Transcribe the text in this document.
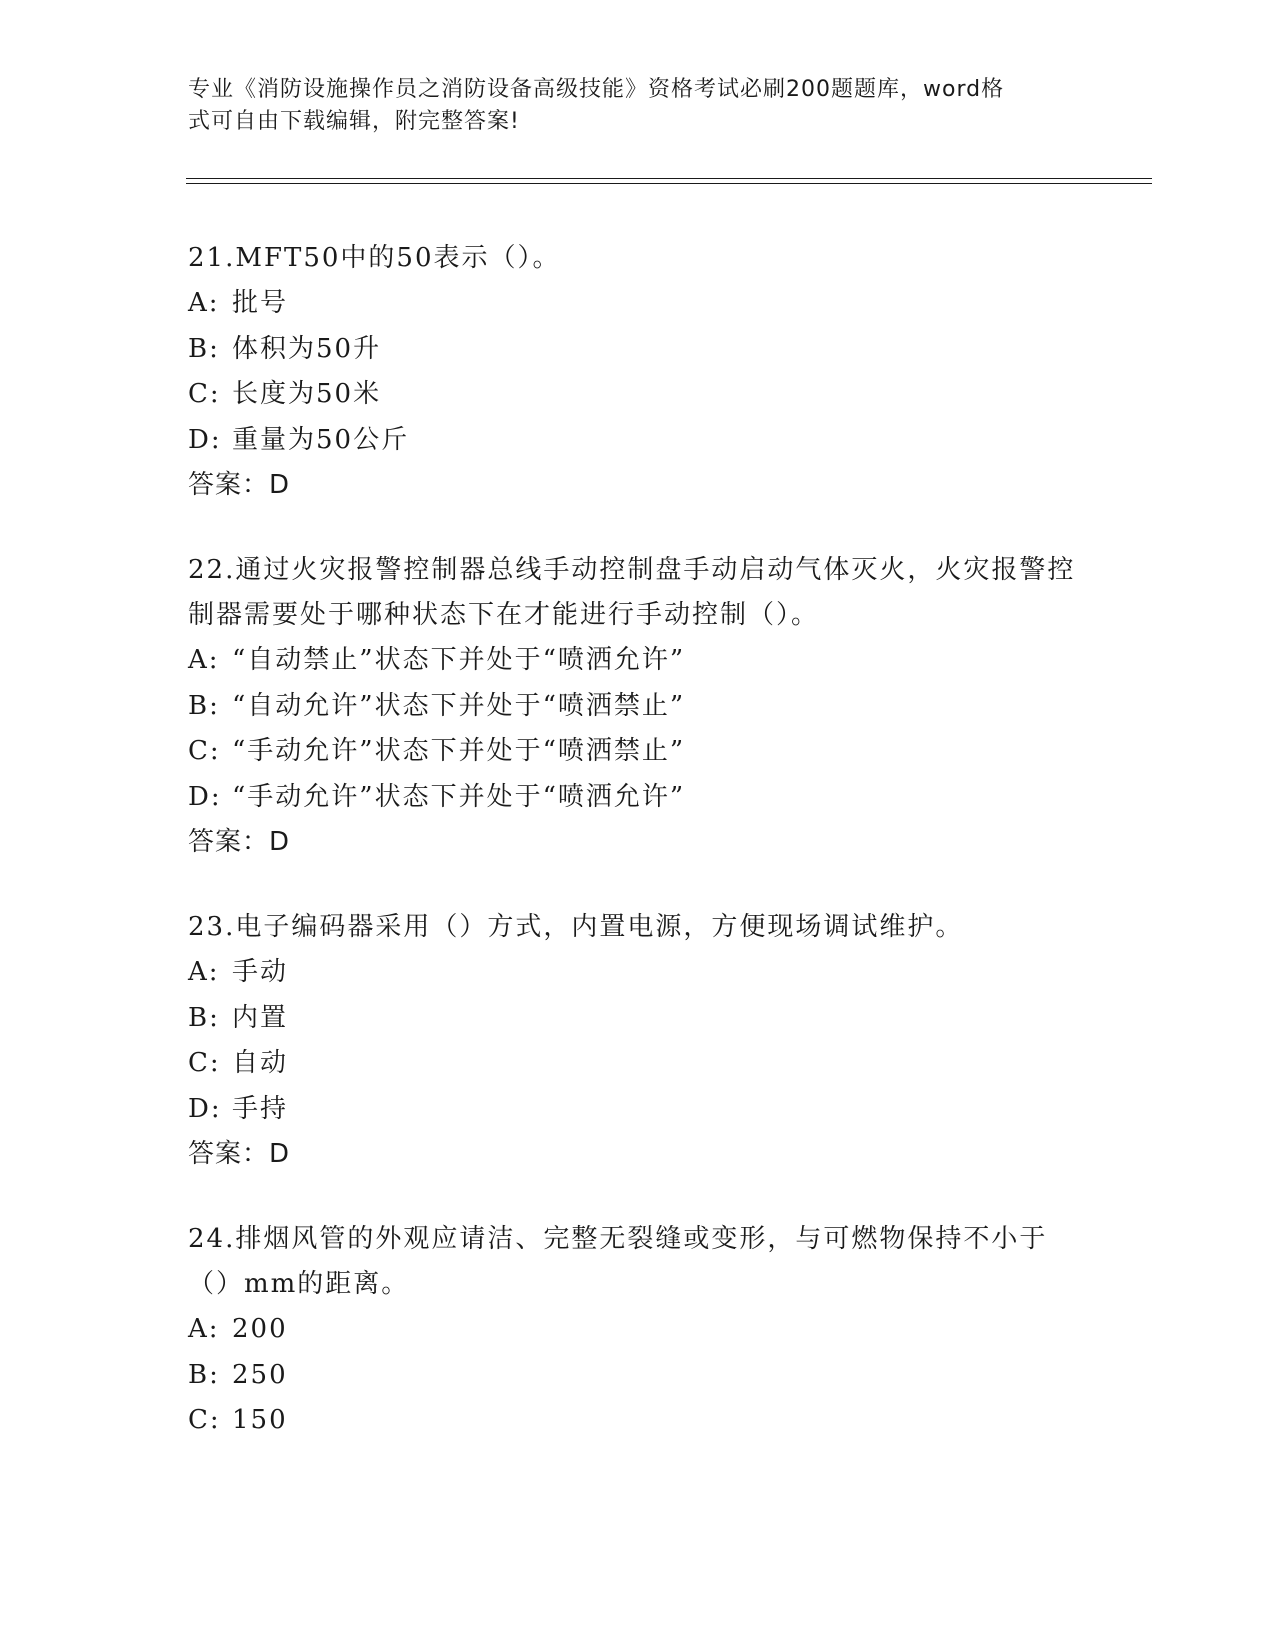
专业《消防设施操作员之消防设备高级技能》资格考试必刷200题题库，word格
式可自由下载编辑，附完整答案!

21.MFT50中的50表示（）。

A: 批号
B: 体积为50升
C: 长度为50米
D: 重量为50公斤
答案：D

22.通过火灾报警控制器总线手动控制盘手动启动气体灭火，火灾报警控制器需要处于哪种状态下在才能进行手动控制（）。

A: “自动禁止”状态下并处于“喷洒允许”
B: “自动允许”状态下并处于“喷洒禁止”
C: “手动允许”状态下并处于“喷洒禁止”
D: “手动允许”状态下并处于“喷洒允许”
答案：D

23.电子编码器采用（）方式，内置电源，方便现场调试维护。

A: 手动
B: 内置
C: 自动
D: 手持
答案：D

24.排烟风管的外观应请洁、完整无裂缝或变形，与可燃物保持不小于（）mm的距离。

A: 200
B: 250
C: 150
